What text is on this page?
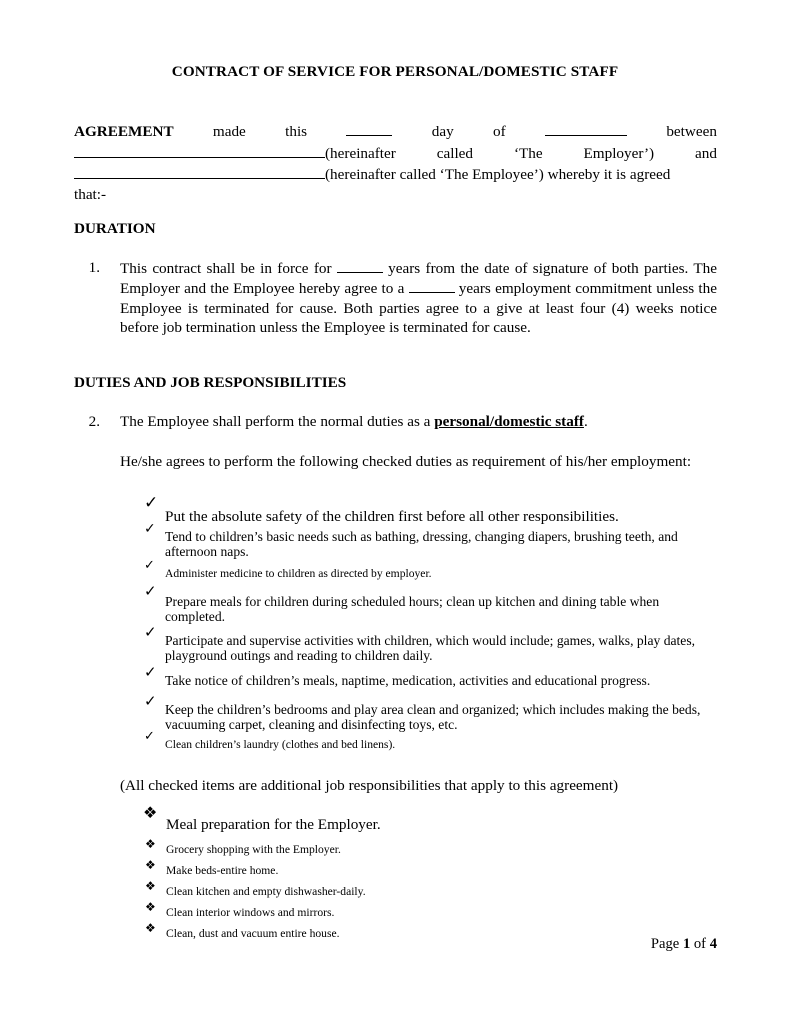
CONTRACT OF SERVICE FOR PERSONAL/DOMESTIC STAFF
AGREEMENT	made	this	day	of	between
(hereinafter	called	‘The	Employer’)	and
(hereinafter called ‘The Employee’) whereby it is agreed
that:-
DURATION
1. This contract shall be in force for	years from the date of signature of both parties. The Employer and the Employee hereby agree to a	years employment commitment unless the Employee is terminated for cause. Both parties agree to a give at least four (4) weeks notice before job termination unless the Employee is terminated for cause.
DUTIES AND JOB RESPONSIBILITIES
2. The Employee shall perform the normal duties as a personal/domestic staff.
He/she agrees to perform the following checked duties as requirement of his/her employment:
✓
Put the absolute safety of the children first before all other responsibilities.
✓ Tend to children’s basic needs such as bathing, dressing, changing diapers, brushing teeth, and afternoon naps.
✓
Administer medicine to children as directed by employer.
✓
Prepare meals for children during scheduled hours; clean up kitchen and dining table when completed.
✓ Participate and supervise activities with children, which would include; games, walks, play dates, playground outings and reading to children daily.
✓ Take notice of children’s meals, naptime, medication, activities and educational progress.
✓ Keep the children’s bedrooms and play area clean and organized; which includes making the beds, vacuuming carpet, cleaning and disinfecting toys, etc.
✓
Clean children’s laundry (clothes and bed linens).
(All checked items are additional job responsibilities that apply to this agreement)
❖
Meal preparation for the Employer.
❖ Grocery shopping with the Employer.
❖ Make beds-entire home.
❖ Clean kitchen and empty dishwasher-daily.
❖ Clean interior windows and mirrors.
❖ Clean, dust and vacuum entire house.
Page 1 of 4
